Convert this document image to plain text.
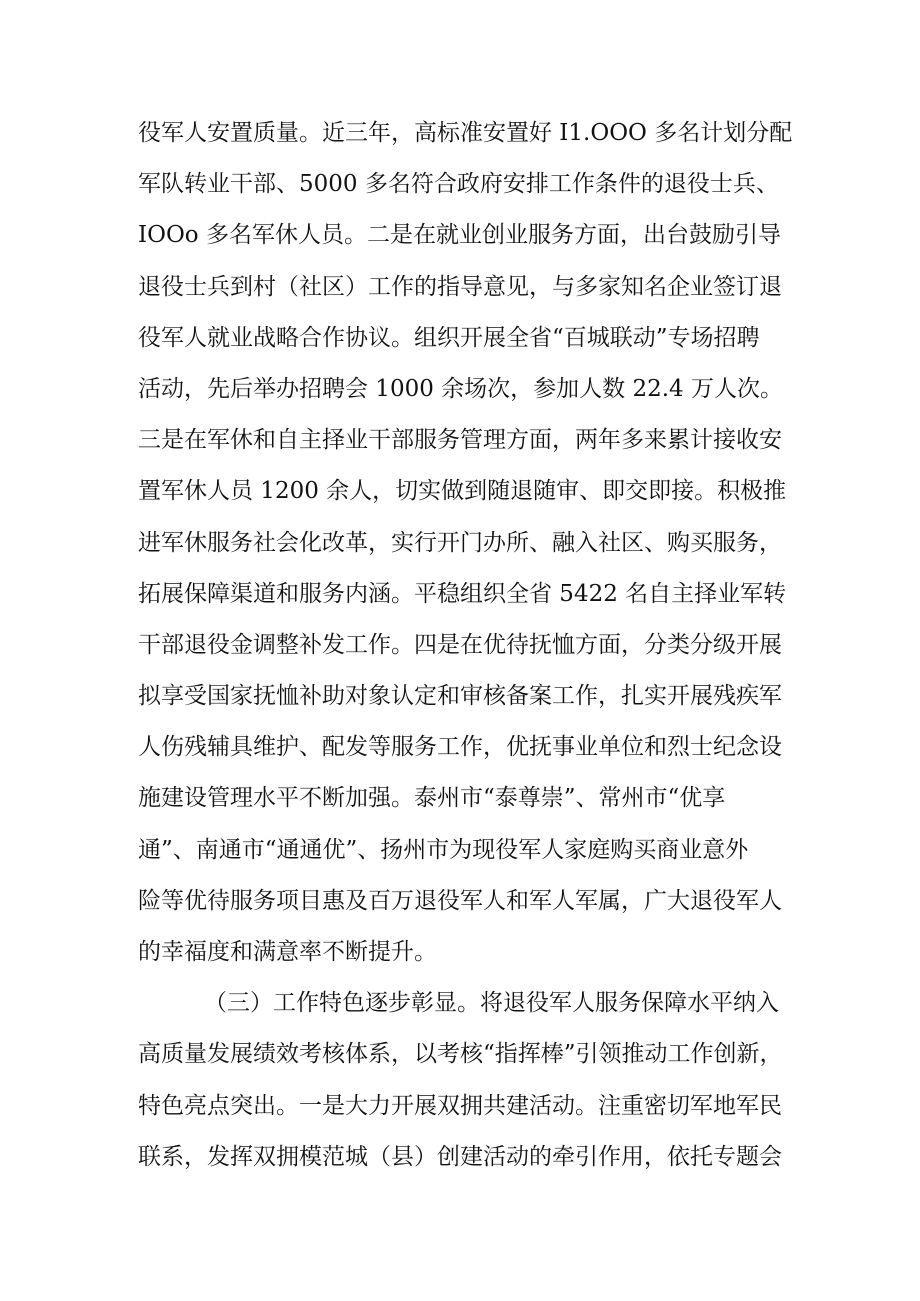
役军人安置质量。近三年，高标准安置好 I1.OOO 多名计划分配
军队转业干部、5000 多名符合政府安排工作条件的退役士兵、
IOOo 多名军休人员。二是在就业创业服务方面，出台鼓励引导
退役士兵到村（社区）工作的指导意见，与多家知名企业签订退
役军人就业战略合作协议。组织开展全省“百城联动”专场招聘
活动，先后举办招聘会 1000 余场次，参加人数 22.4 万人次。
三是在军休和自主择业干部服务管理方面，两年多来累计接收安
置军休人员 1200 余人，切实做到随退随审、即交即接。积极推
进军休服务社会化改革，实行开门办所、融入社区、购买服务，
拓展保障渠道和服务内涵。平稳组织全省 5422 名自主择业军转
干部退役金调整补发工作。四是在优待抚恤方面，分类分级开展
拟享受国家抚恤补助对象认定和审核备案工作，扎实开展残疾军
人伤残辅具维护、配发等服务工作，优抚事业单位和烈士纪念设
施建设管理水平不断加强。泰州市“泰尊崇”、常州市“优享
通”、南通市“通通优”、扬州市为现役军人家庭购买商业意外
险等优待服务项目惠及百万退役军人和军人军属，广大退役军人
的幸福度和满意率不断提升。
（三）工作特色逐步彰显。将退役军人服务保障水平纳入
高质量发展绩效考核体系，以考核“指挥棒”引领推动工作创新，
特色亮点突出。一是大力开展双拥共建活动。注重密切军地军民
联系，发挥双拥模范城（县）创建活动的牵引作用，依托专题会
